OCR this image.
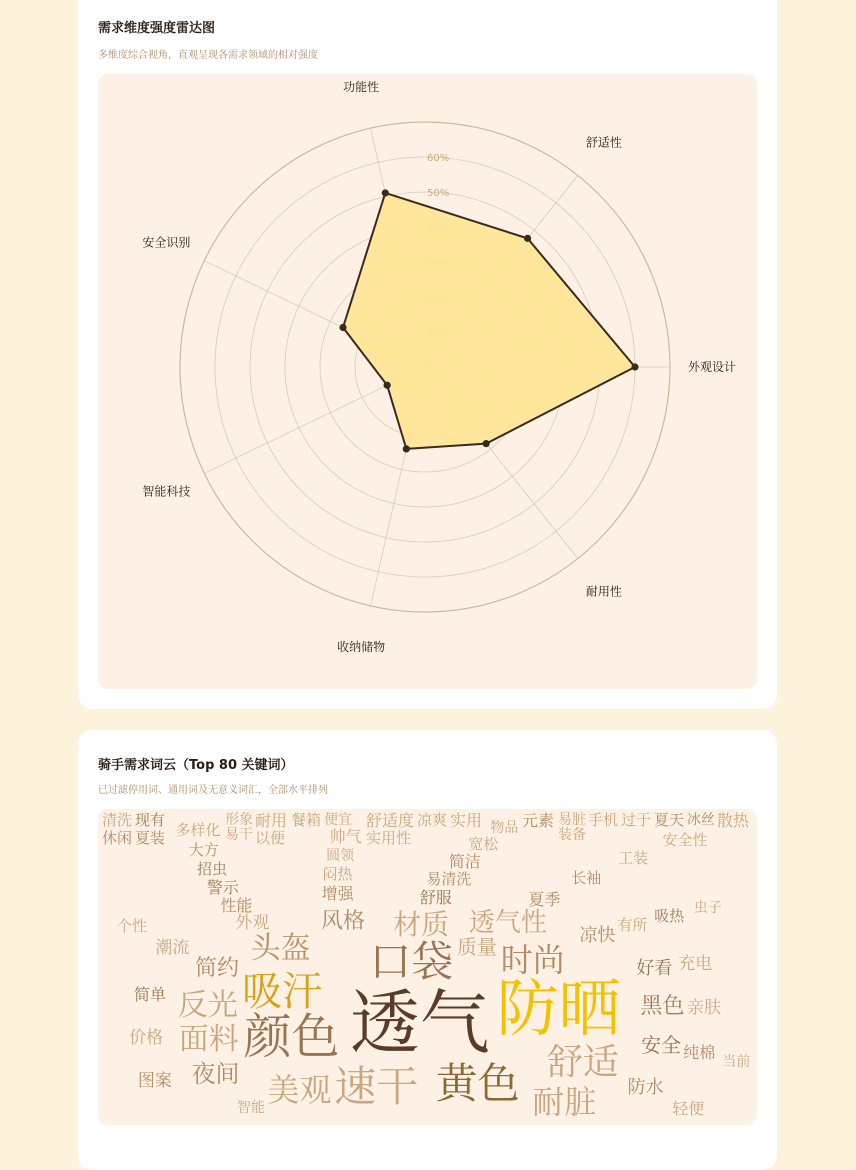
需求维度强度雷达图
多维度综合视角，直观呈现各需求领域的相对强度
50%
60%
外观设计
舒适性
功能性
安全识别
智能科技
收纳储物
耐用性
骑手需求词云（Top 80 关键词）
已过滤停用词、通用词及无意义词汇，全部水平排列
透气 防晒
颜色
口袋
黄色
速干
吸汗
舒适
时尚
美观
面料
反光
头盔
耐脏
材质 透气性
夜间
简约
风格
黑色
质量
安全
凉快
好看
防水
价格
简单
外观
舒服
亲肤
纯棉
图案
潮流
增强	夏季
有所
充电
性能
易清洗
轻便
闷热
吸热
个性
智能
警示
当前
简洁
长袖
圆领
虫子
招虫
宽松
帅气
工装
大方
物品
多样化
安全性
清洗 现有	形象 耐用 餐箱 便宜 舒适度 凉爽 实用 元素 易脏 手机 过于 夏天 冰丝 散热
休闲	易干
夏装	以便	实用性	装备
